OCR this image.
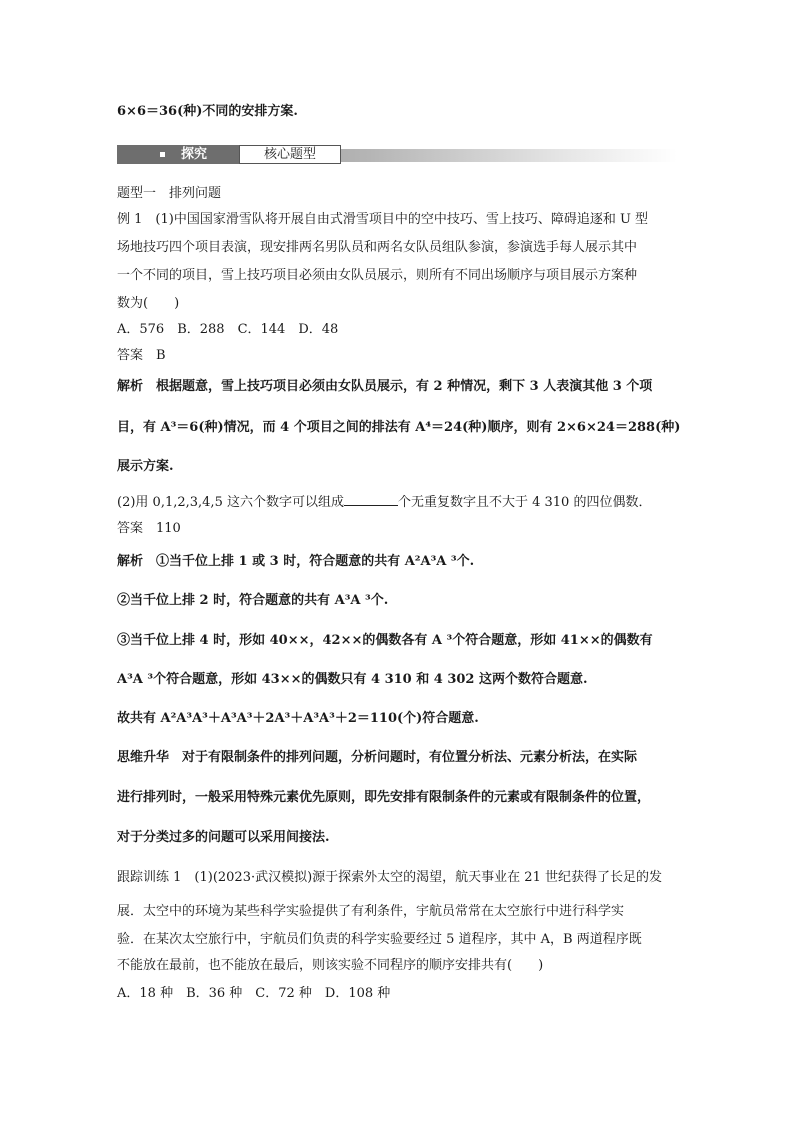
6×6＝36(种)不同的安排方案.
探究	核心题型
题型一　排列问题
例 1　(1)中国国家滑雪队将开展自由式滑雪项目中的空中技巧、雪上技巧、障碍追逐和 U 型
场地技巧四个项目表演，现安排两名男队员和两名女队员组队参演，参演选手每人展示其中
一个不同的项目，雪上技巧项目必须由女队员展示，则所有不同出场顺序与项目展示方案种
数为(　　)
A．576　B．288　C．144　D．48
答案　B
解析　根据题意，雪上技巧项目必须由女队员展示，有 2 种情况，剩下 3 人表演其他 3 个项
目，有 A³＝6(种)情况，而 4 个项目之间的排法有 A⁴＝24(种)顺序，则有 2×6×24＝288(种)
展示方案.
(2)用 0,1,2,3,4,5 这六个数字可以组成	个无重复数字且不大于 4 310 的四位偶数．
答案　110
解析　①当千位上排 1 或 3 时，符合题意的共有 A²A³A ³个.
②当千位上排 2 时，符合题意的共有 A³A ³个.
③当千位上排 4 时，形如 40××，42××的偶数各有 A ³个符合题意，形如 41××的偶数有
A³A ³个符合题意，形如 43××的偶数只有 4 310 和 4 302 这两个数符合题意.
故共有 A²A³A³＋A³A³＋2A³＋A³A³＋2＝110(个)符合题意.
思维升华　对于有限制条件的排列问题，分析问题时，有位置分析法、元素分析法，在实际
进行排列时，一般采用特殊元素优先原则，即先安排有限制条件的元素或有限制条件的位置，
对于分类过多的问题可以采用间接法.
跟踪训练 1　(1)(2023·武汉模拟)源于探索外太空的渴望，航天事业在 21 世纪获得了长足的发
展．太空中的环境为某些科学实验提供了有利条件，宇航员常常在太空旅行中进行科学实
验．在某次太空旅行中，宇航员们负责的科学实验要经过 5 道程序，其中 A，B 两道程序既
不能放在最前，也不能放在最后，则该实验不同程序的顺序安排共有(　　)
A．18 种　B．36 种　C．72 种　D．108 种
